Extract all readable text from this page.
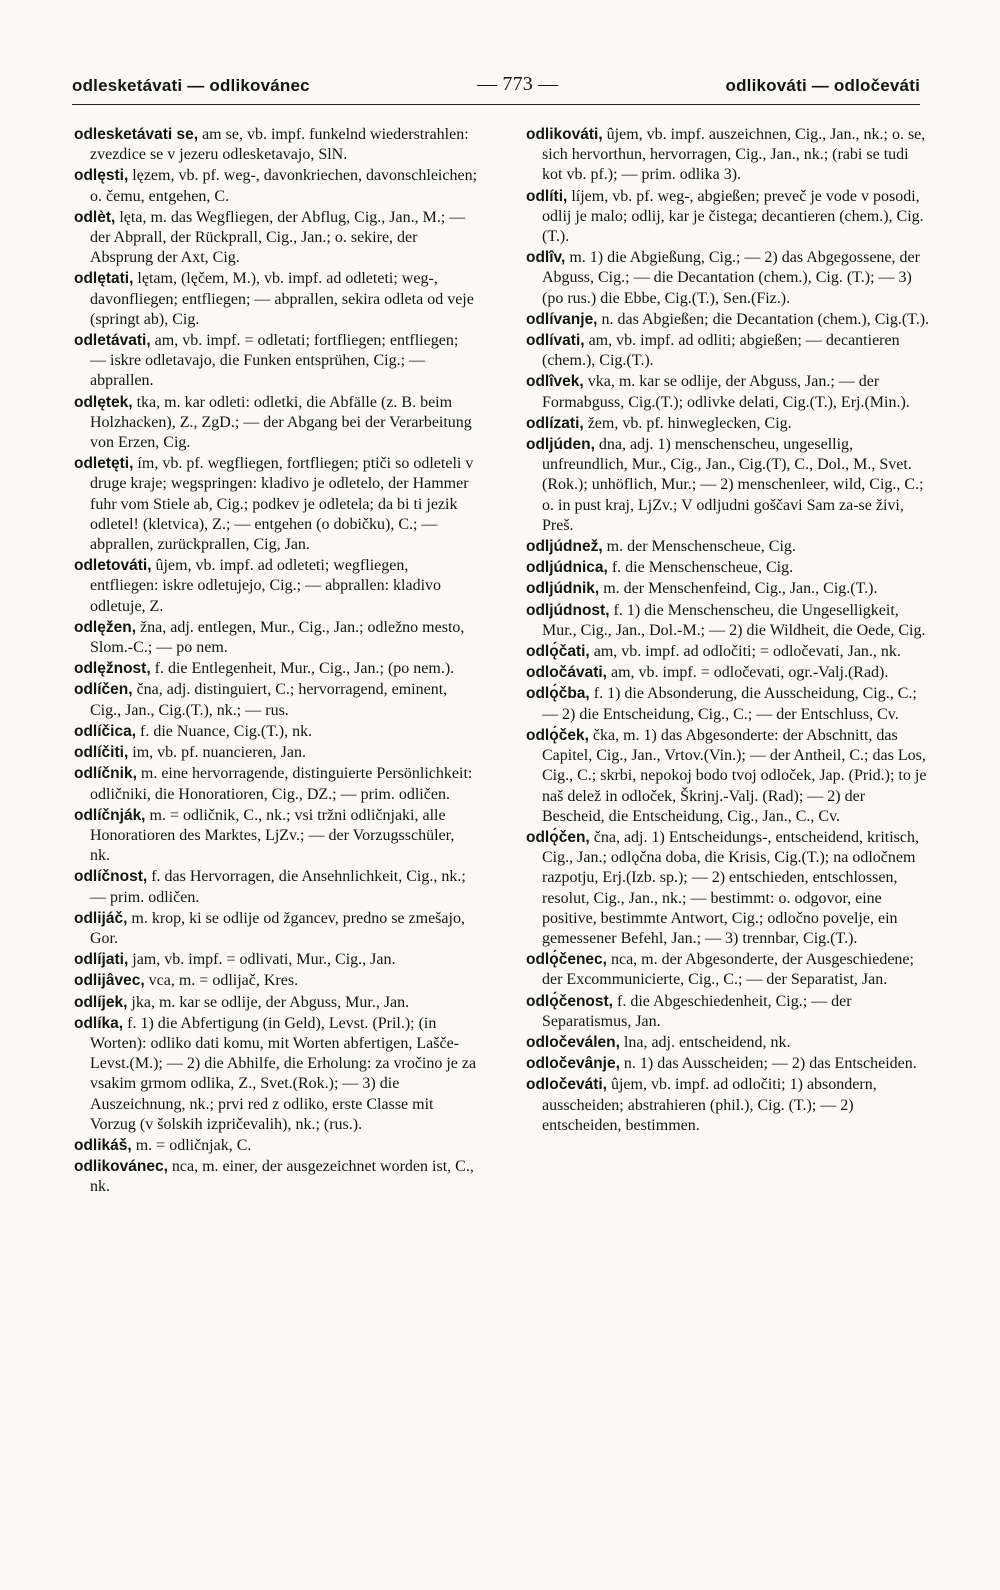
odlesketávati — odlikovánec	— 773 —	odlikováti — odločeváti

odlesketávati se, am se, vb. impf. funkelnd wiederstrahlen: zvezdice se v jezeru odlesketavajo, SlN.

odlęsti, lęzem, vb. pf. weg-, davonkriechen, davonschleichen; o. čemu, entgehen, C.

odlèt, lęta, m. das Wegfliegen, der Abflug, Cig., Jan., M.; — der Abprall, der Rückprall, Cig., Jan.; o. sekire, der Absprung der Axt, Cig.

odlętati, lętam, (lęčem, M.), vb. impf. ad odleteti; weg-, davonfliegen; entfliegen; — abprallen, sekira odleta od veje (springt ab), Cig.

odletávati, am, vb. impf. = odletati; fortfliegen; entfliegen; — iskre odletavajo, die Funken entsprühen, Cig.; — abprallen.

odlętek, tka, m. kar odleti: odletki, die Abfälle (z. B. beim Holzhacken), Z., ZgD.; — der Abgang bei der Verarbeitung von Erzen, Cig.

odletęti, ím, vb. pf. wegfliegen, fortfliegen; ptiči so odleteli v druge kraje; wegspringen: kladivo je odletelo, der Hammer fuhr vom Stiele ab, Cig.; podkev je odletela; da bi ti jezik odletel! (kletvica), Z.; — entgehen (o dobičku), C.; — abprallen, zurückprallen, Cig, Jan.

odletováti, ûjem, vb. impf. ad odleteti; wegfliegen, entfliegen: iskre odletujejo, Cig.; — abprallen: kladivo odletuje, Z.

odlęžen, žna, adj. entlegen, Mur., Cig., Jan.; odležno mesto, Slom.-C.; — po nem.

odlęžnost, f. die Entlegenheit, Mur., Cig., Jan.; (po nem.).

odlíčen, čna, adj. distinguiert, C.; hervorragend, eminent, Cig., Jan., Cig.(T.), nk.; — rus.

odlíčica, f. die Nuance, Cig.(T.), nk.

odlíčiti, im, vb. pf. nuancieren, Jan.

odlíčnik, m. eine hervorragende, distinguierte Persönlichkeit: odličniki, die Honoratioren, Cig., DZ.; — prim. odličen.

odlíčnják, m. = odličnik, C., nk.; vsi tržni odličnjaki, alle Honoratioren des Marktes, LjZv.; — der Vorzugsschüler, nk.

odlíčnost, f. das Hervorragen, die Ansehnlichkeit, Cig., nk.; — prim. odličen.

odlijáč, m. krop, ki se odlije od žgancev, predno se zmešajo, Gor.

odlíjati, jam, vb. impf. = odlivati, Mur., Cig., Jan.

odlijâvec, vca, m. = odlijač, Kres.

odlíjek, jka, m. kar se odlije, der Abguss, Mur., Jan.

odlíka, f. 1) die Abfertigung (in Geld), Levst. (Pril.); (in Worten): odliko dati komu, mit Worten abfertigen, Lašče-Levst.(M.); — 2) die Abhilfe, die Erholung: za vročino je za vsakim grmom odlika, Z., Svet.(Rok.); — 3) die Auszeichnung, nk.; prvi red z odliko, erste Classe mit Vorzug (v šolskih izpričevalih), nk.; (rus.).

odlikáš, m. = odličnjak, C.

odlikovánec, nca, m. einer, der ausgezeichnet worden ist, C., nk.

odlikováti, ûjem, vb. impf. auszeichnen, Cig., Jan., nk.; o. se, sich hervorthun, hervorragen, Cig., Jan., nk.; (rabi se tudi kot vb. pf.); — prim. odlika 3).

odlíti, líjem, vb. pf. weg-, abgießen; preveč je vode v posodi, odlij je malo; odlij, kar je čistega; decantieren (chem.), Cig.(T.).

odlîv, m. 1) die Abgießung, Cig.; — 2) das Abgegossene, der Abguss, Cig.; — die Decantation (chem.), Cig. (T.); — 3) (po rus.) die Ebbe, Cig.(T.), Sen.(Fiz.).

odlívanje, n. das Abgießen; die Decantation (chem.), Cig.(T.).

odlívati, am, vb. impf. ad odliti; abgießen; — decantieren (chem.), Cig.(T.).

odlîvek, vka, m. kar se odlije, der Abguss, Jan.; — der Formabguss, Cig.(T.); odlivke delati, Cig.(T.), Erj.(Min.).

odlízati, žem, vb. pf. hinwegleckеn, Cig.

odljúden, dna, adj. 1) menschenscheu, ungesellig, unfreundlich, Mur., Cig., Jan., Cig.(T), C., Dol., M., Svet.(Rok.); unhöflich, Mur.; — 2) menschenleer, wild, Cig., C.; o. in pust kraj, LjZv.; V odljudni goščavi Sam za-se živi, Preš.

odljúdnež, m. der Menschenscheue, Cig.

odljúdnica, f. die Menschenscheue, Cig.

odljúdnik, m. der Menschenfeind, Cig., Jan., Cig.(T.).

odljúdnost, f. 1) die Menschenscheu, die Ungeselligkeit, Mur., Cig., Jan., Dol.-M.; — 2) die Wildheit, die Oede, Cig.

odlǫ́čati, am, vb. impf. ad odločiti; = odločevati, Jan., nk.

odločávati, am, vb. impf. = odločevati, ogr.-Valj.(Rad).

odlǫ́čba, f. 1) die Absonderung, die Ausscheidung, Cig., C.; — 2) die Entscheidung, Cig., C.; — der Entschluss, Cv.

odlǫ́ček, čka, m. 1) das Abgesonderte: der Abschnitt, das Capitel, Cig., Jan., Vrtov.(Vin.); — der Antheil, C.; das Los, Cig., C.; skrbi, nepokoj bodo tvoj odloček, Jap. (Prid.); to je naš delež in odloček, Škrinj.-Valj. (Rad); — 2) der Bescheid, die Entscheidung, Cig., Jan., C., Cv.

odlǫ́čen, čna, adj. 1) Entscheidungs-, entscheidend, kritisch, Cig., Jan.; odlǫčna doba, die Krisis, Cig.(T.); na odločnem razpotju, Erj.(Izb. sp.); — 2) entschieden, entschlossen, resolut, Cig., Jan., nk.; — bestimmt: o. odgovor, eine positive, bestimmte Antwort, Cig.; odločno povelje, ein gemessener Befehl, Jan.; — 3) trennbar, Cig.(T.).

odlǫ́čenec, nca, m. der Abgesonderte, der Ausgeschiedene; der Excommunicierte, Cig., C.; — der Separatist, Jan.

odlǫ́čenost, f. die Abgeschiedenheit, Cig.; — der Separatismus, Jan.

odločeválen, lna, adj. entscheidend, nk.

odločevânje, n. 1) das Ausscheiden; — 2) das Entscheiden.

odločeváti, ûjem, vb. impf. ad odločiti; 1) absondern, ausscheiden; abstrahieren (phil.), Cig. (T.); — 2) entscheiden, bestimmen.
